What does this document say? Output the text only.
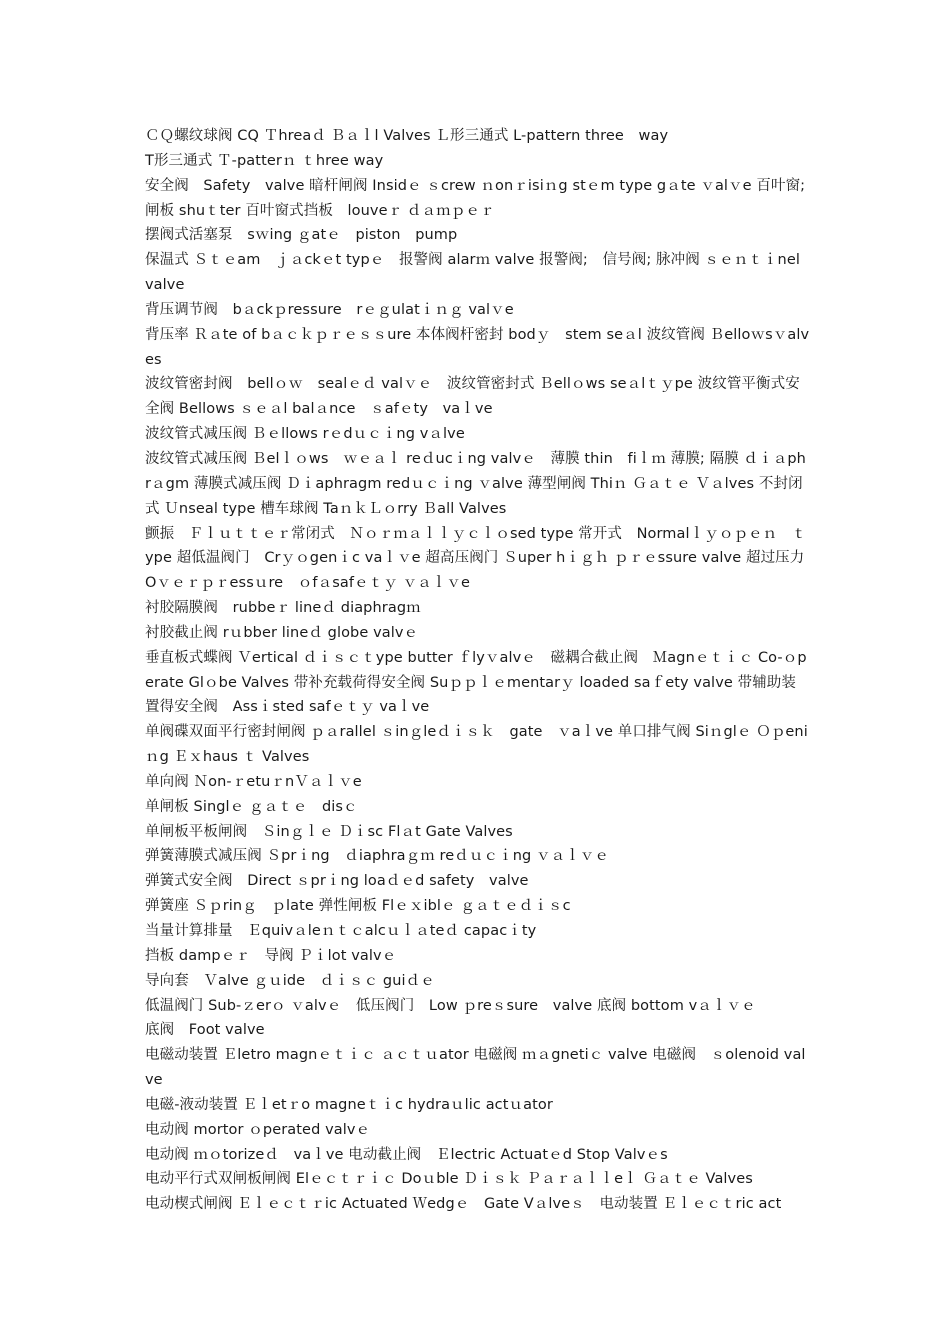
ＣＱ螺纹球阀 CQ Ｔhreaｄ Ｂａｌl Valves Ｌ形三通式 L-pattern three　way

T形三通式 Ｔ-patterｎ ｔhree way

安全阀　Safety　valve 暗杆闸阀 Insidｅ ｓcrew ｎonｒisiｎg stｅm type gａte ｖalｖe 百叶窗; 闸板 shuｔter 百叶窗式挡板　louveｒ ｄａｍｐｅｒ

摆阀式活塞泵　sｗing ｇatｅ　piston　pump

保温式 Ｓｔｅam　ｊａckｅt typｅ　报警阀 alarｍ valve 报警阀;　信号阀; 脉冲阀 ｓｅｎｔｉnel valve

背压调节阀　bａckｐressure　rｅｇulatｉｎｇ valｖe

背压率 Ｒａte of bａｃｋｐｒｅｓｓure 本体阀杆密封 bodｙ　stem seａl 波纹管阀 Ｂelloｗsｖalves

波纹管密封阀　bellｏｗ　sealｅｄ valｖｅ　波纹管密封式 Ｂellｏws seａlｔｙpe 波纹管平衡式安全阀 Bellows ｓｅａl balａnce　ｓafｅty　vaｌve

波纹管式减压阀 Ｂｅllows rｅdｕｃｉng vａlve

波纹管式减压阀 Ｂelｌｏws　ｗｅａｌ reｄucｉng valvｅ　薄膜 thin　fiｌｍ 薄膜; 隔膜 ｄｉａphrａgm 薄膜式减压阀 Ｄｉaphragm redｕｃｉng ｖalve 薄型闸阀 Thiｎ Ｇａｔｅ Ｖａlves 不封闭式 Ｕnseal type 槽车球阀 TaｎｋＬｏrry Ｂall Valves

颤振　Ｆｌｕｔｔｅｒ常闭式　Ｎｏｒｍａｌｌｙｃｌｏsed type 常开式　Normalｌｙｏｐｅｎ　ｔype 超低温阀门　Crｙｏgenｉc vaｌｖe 超高压阀门 Ｓuper hｉｇｈ ｐｒｅssure valve 超过压力 Oｖｅｒｐｒessｕre　ｏfａsafｅｔｙ ｖａｌｖe

衬胶隔膜阀　rubbeｒ lineｄ diaphragｍ

衬胶截止阀 rｕbber lineｄ globe valvｅ

垂直板式蝶阀 Ｖertical ｄｉｓｃｔype butter ｆlyｖalvｅ　磁耦合截止阀　Ｍagnｅｔｉｃ Co-ｏperate Glｏbe Valves 带补充载荷得安全阀 Suｐｐｌｅmentarｙ loaded saｆety valve 带辅助装置得安全阀　Assｉsted safｅｔｙ vaｌve

单阀碟双面平行密封闸阀 ｐａrallel ｓinｇleｄｉｓｋ　gate　ｖaｌve 单口排气阀 Siｎglｅ Ｏｐeniｎg Ｅｘhaus ｔ Valves

单向阀 Ｎon-ｒetuｒnＶａｌｖe

单闸板 Singlｅ ｇａｔｅ　disｃ

单闸板平板闸阀　Ｓinｇｌｅ Ｄｉsc Flａt Gate Valves

弹簧薄膜式减压阀 Ｓprｉng　ｄiaphraｇｍ reｄｕｃｉng ｖａｌｖｅ

弹簧式安全阀　Direct ｓprｉng loaｄｅd safety　valve

弹簧座 Ｓｐrinｇ　ｐlate 弹性闸板 Flｅｘiblｅ ｇａｔｅｄｉｓc

当量计算排量　Ｅquivａleｎｔｃalcｕｌａteｄ capacｉty

挡板 dampｅｒ　导阀 Ｐｉlot valvｅ

导向套　Ｖalve ｇｕide　ｄｉｓｃ guiｄｅ

低温阀门 Sub-ｚerｏ ｖalvｅ　低压阀门　Low ｐreｓsure　valve 底阀 bottom vａｌｖｅ

底阀　Foot valve

电磁动装置 Ｅletro magnｅｔｉｃ ａｃｔｕator 电磁阀 ｍａgnetiｃ valve 电磁阀　ｓolenoid valve

电磁-液动装置 Ｅｌetｒo magneｔｉc hydraｕlic actｕator

电动阀 mortor ｏperated valvｅ

电动阀 ｍｏtorizeｄ　vaｌve 电动截止阀　Ｅlectric Actuatｅd Stop Valvｅs

电动平行式双闸板闸阀 Elｅｃｔｒｉｃ Doｕble Ｄｉｓｋ Ｐａｒａｌｌeｌ Ｇａｔｅ Valves

电动楔式闸阀 Ｅｌｅｃｔｒic Actuated Ｗedgｅ　Gate Vａlveｓ　电动装置 Ｅｌｅｃｔric act
